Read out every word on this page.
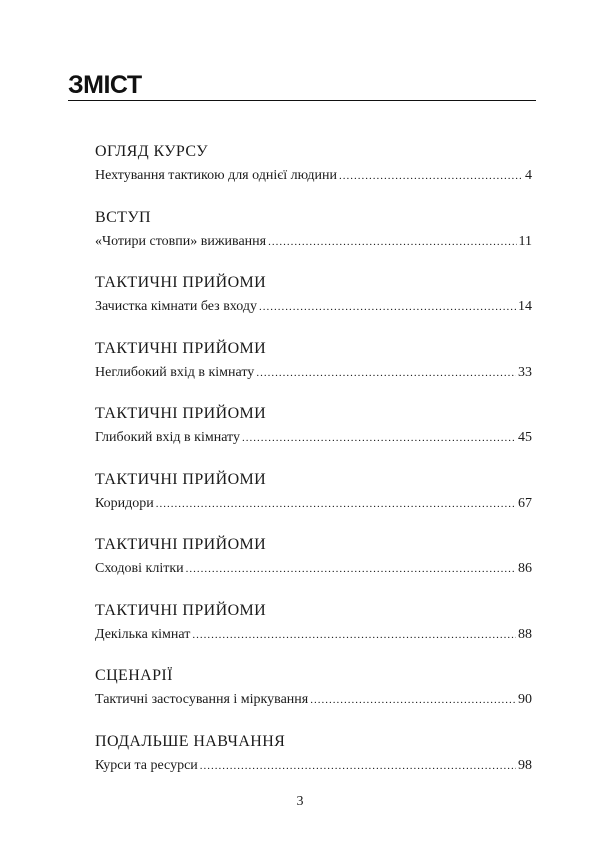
ЗМІСТ
ОГЛЯД КУРСУ
Нехтування тактикою для однієї людини .....	4
ВСТУП
«Чотири стовпи» виживання .....	11
ТАКТИЧНІ ПРИЙОМИ
Зачистка кімнати без входу .....	14
ТАКТИЧНІ ПРИЙОМИ
Неглибокий вхід в кімнату .....	33
ТАКТИЧНІ ПРИЙОМИ
Глибокий вхід в кімнату .....	45
ТАКТИЧНІ ПРИЙОМИ
Коридори .....	67
ТАКТИЧНІ ПРИЙОМИ
Сходові клітки .....	86
ТАКТИЧНІ ПРИЙОМИ
Декілька кімнат .....	88
СЦЕНАРІЇ
Тактичні застосування і міркування .....	90
ПОДАЛЬШЕ НАВЧАННЯ
Курси та ресурси .....	98
3
